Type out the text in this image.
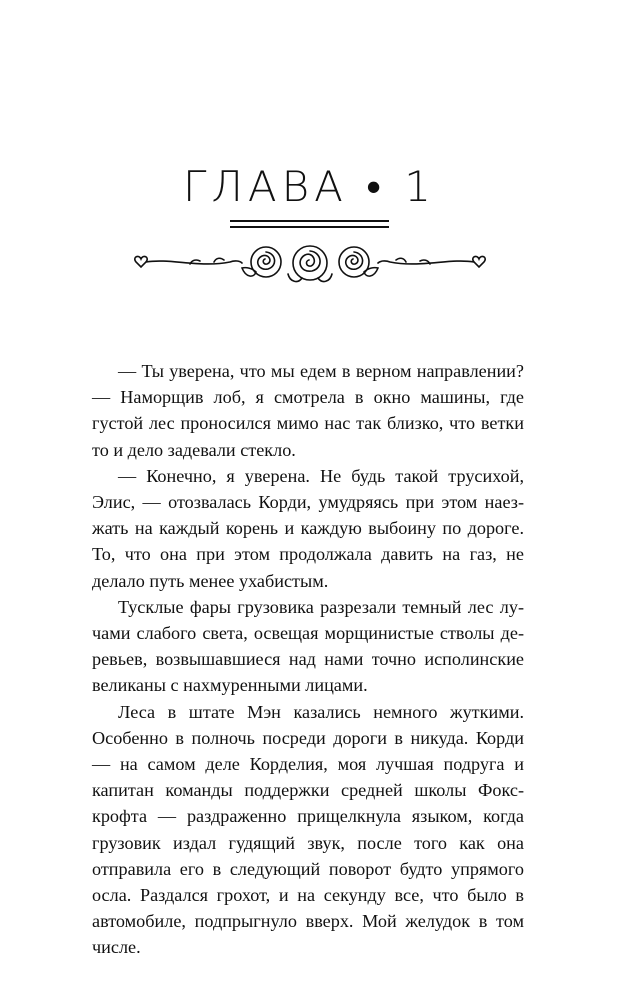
ГЛАВА • 1

— Ты уверена, что мы едем в верном направлении? — Наморщив лоб, я смотрела в окно машины, где густой лес проносился мимо нас так близко, что ветки то и дело задевали стекло.

— Конечно, я уверена. Не будь такой трусихой, Элис, — отозвалась Корди, умудряясь при этом наезжать на каждый корень и каждую выбоину по дороге. То, что она при этом продолжала давить на газ, не делало путь менее ухабистым.

Тусклые фары грузовика разрезали темный лес лучами слабого света, освещая морщинистые стволы деревьев, возвышавшиеся над нами точно исполинские великаны с нахмуренными лицами.

Леса в штате Мэн казались немного жуткими. Особенно в полночь посреди дороги в никуда. Корди — на самом деле Корделия, моя лучшая подруга и капитан команды поддержки средней школы Фокскрофта — раздраженно прищелкнула языком, когда грузовик издал гудящий звук, после того как она отправила его в следующий поворот будто упрямого осла. Раздался грохот, и на секунду все, что было в автомобиле, подпрыгнуло вверх. Мой желудок в том числе.
